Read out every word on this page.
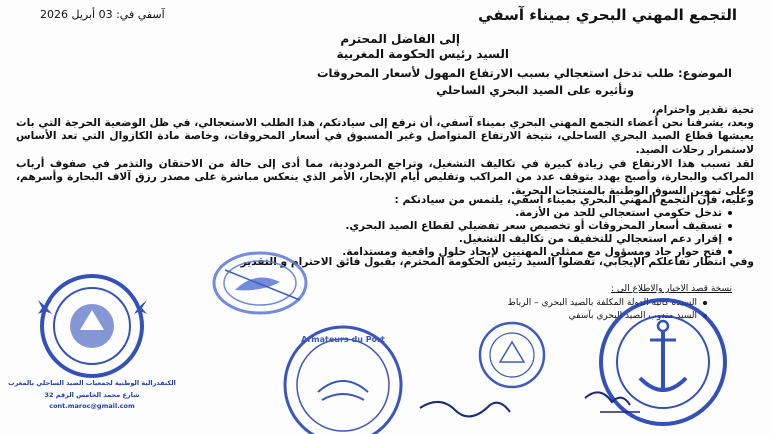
التجمع المهني البحري بميناء آسفي
آسفي في: 03 أبريل 2026
إلى الفاضل المحترم
السيد رئيس الحكومة المغربية
الموضوع: طلب تدخل استعجالي بسبب الارتفاع المهول لأسعار المحروقات
وتأثيره على الصيد البحري الساحلي
تحية تقدير واحترام،
وبعد، يشرفنا نحن أعضاء التجمع المهني البحري بميناء آسفي، أن نرفع إلى سيادتكم، هذا الطلب الاستعجالي، في ظل الوضعية الحرجة التي بات يعيشها قطاع الصيد البحري الساحلي، نتيجة الارتفاع المتواصل وغير المسبوق في أسعار المحروقات، وخاصة مادة الكازوال التي تعد الأساس لاستمرار رحلات الصيد.
لقد تسبب هذا الارتفاع في زيادة كبيرة في تكاليف التشغيل، وتراجع المردودية، مما أدى إلى حالة من الاحتقان والتذمر في صفوف أرباب المراكب والبحارة، وأصبح يهدد بتوقف عدد من المراكب وتقليص أيام الإبحار، الأمر الذي ينعكس مباشرة على مصدر رزق آلاف البحارة وأسرهم، وعلى تموين السوق الوطنية بالمنتجات البحرية.
وعليه، فإن التجمع المهني البحري بميناء آسفي، يلتمس من سيادتكم :
تدخل حكومي استعجالي للحد من الأزمة.
تسقيف أسعار المحروقات أو تخصيص سعر تفضيلي لقطاع الصيد البحري.
إقرار دعم استعجالي للتخفيف من تكاليف التشغيل.
فتح حوار جاد ومسؤول مع ممثلي المهنيين لإيجاد حلول واقعية ومستدامة.
وفي انتظار تفاعلكم الإيجابي، تفضلوا السيد رئيس الحكومة المحترم، بقبول فائق الاحترام و التقدير
نسخة قصد الاخبار والاطلاع الى :
السيدة كاتبة الدولة المكلفة بالصيد البحري – الرباط
السيد مندوب الصيد البحري بآسفي
الكنفدرالية الوطنية لجمعيات الصيد الساحلي بالمغرب
شارع محمد الخامس الرقم 32
cont.maroc@gmail.com
Armateurs du Port
